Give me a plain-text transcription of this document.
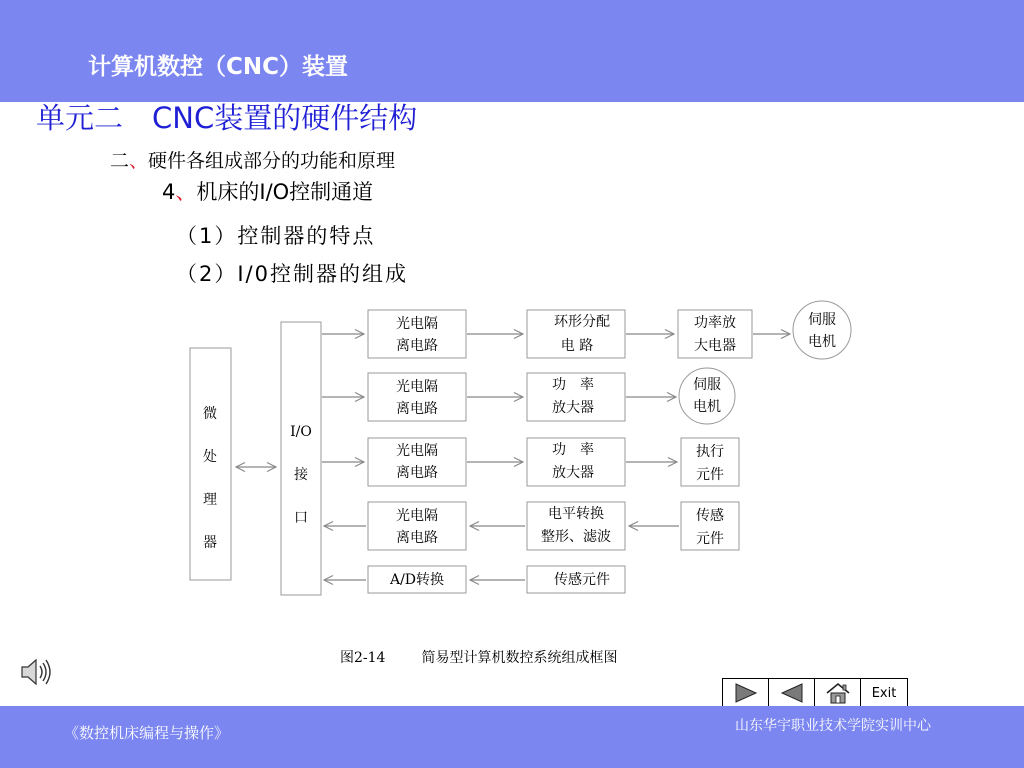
计算机数控（CNC）装置
单元二　CNC装置的硬件结构
二、硬件各组成部分的功能和原理
4、机床的I/O控制通道
（1）控制器的特点
（2）I/0控制器的组成
微
处
理
器
I/O
接
口
光电隔
离电路
光电隔
离电路
光电隔
离电路
光电隔
离电路
A/D转换
环形分配
电 路
功　率
放大器
功　率
放大器
电平转换
整形、滤波
传感元件
功率放
大电器
执行
元件
传感
元件
伺服
电机
伺服
电机
图2-14	简易型计算机数控系统组成框图
Exit
《数控机床编程与操作》	山东华宇职业技术学院实训中心
